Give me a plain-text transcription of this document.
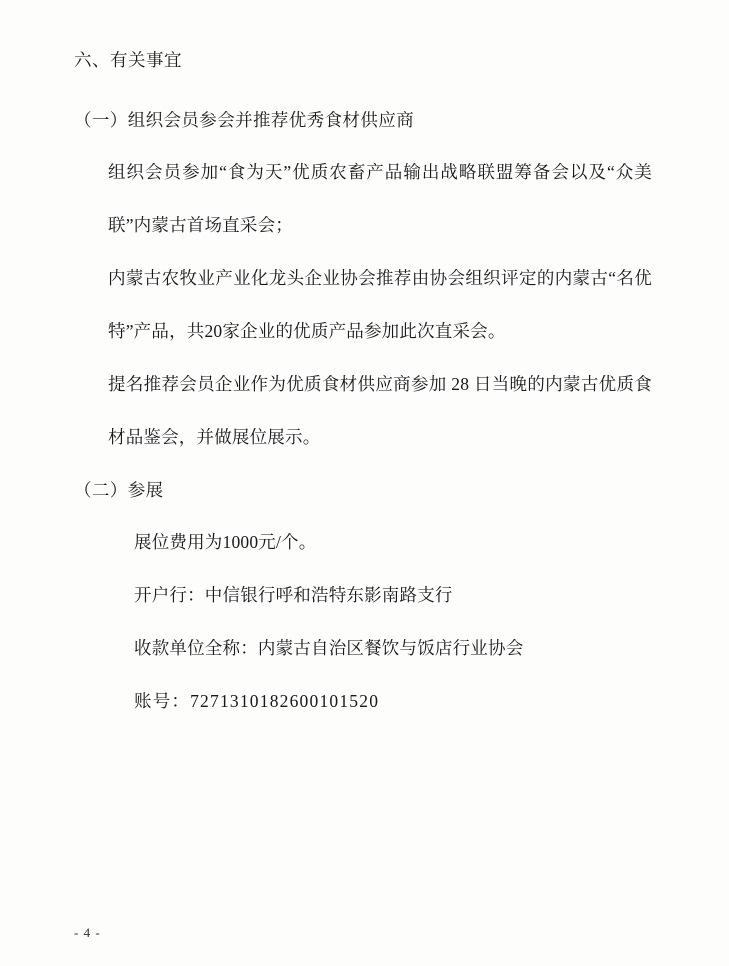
六、有关事宜
（一）组织会员参会并推荐优秀食材供应商
组织会员参加“食为天”优质农畜产品输出战略联盟筹备会以及“众美联”内蒙古首场直采会；
内蒙古农牧业产业化龙头企业协会推荐由协会组织评定的内蒙古“名优特”产品，共20家企业的优质产品参加此次直采会。
提名推荐会员企业作为优质食材供应商参加 28 日当晚的内蒙古优质食材品鉴会，并做展位展示。
（二）参展
展位费用为1000元/个。
开户行：中信银行呼和浩特东影南路支行
收款单位全称：内蒙古自治区餐饮与饭店行业协会
账号：7271310182600101520
- 4 -
